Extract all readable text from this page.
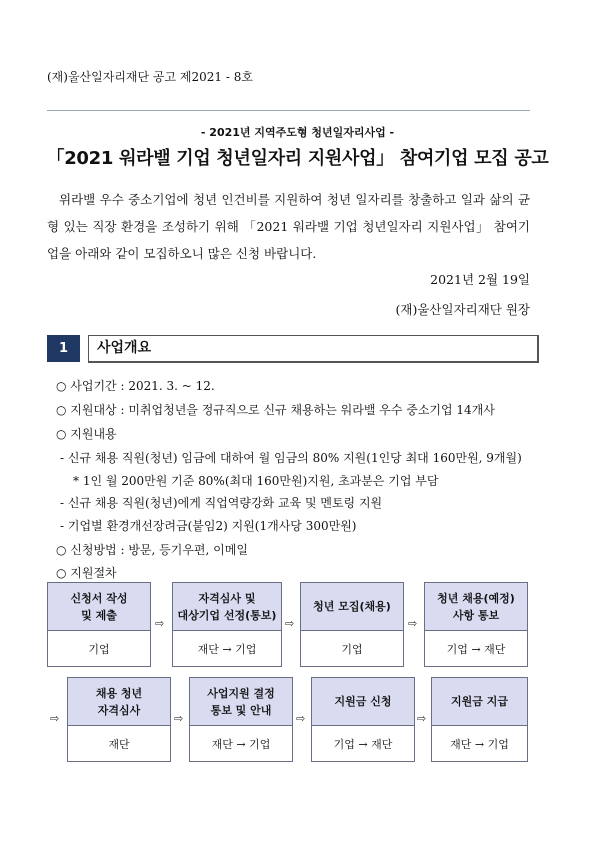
(재)울산일자리재단 공고 제2021 - 8호
- 2021년 지역주도형 청년일자리사업 -
「2021 워라밸 기업 청년일자리 지원사업」 참여기업 모집 공고
위라밸 우수 중소기업에 청년 인건비를 지원하여 청년 일자리를 창출하고 일과 삶의 균형 있는 직장 환경을 조성하기 위해 「2021 워라밸 기업 청년일자리 지원사업」 참여기업을 아래와 같이 모집하오니 많은 신청 바랍니다.
2021년 2월 19일
(재)울산일자리재단 원장
1	사업개요
○ 사업기간 : 2021. 3. ~ 12.
○ 지원대상 : 미취업청년을 정규직으로 신규 채용하는 워라밸 우수 중소기업 14개사
○ 지원내용
- 신규 채용 직원(청년) 임금에 대하여 월 임금의 80% 지원(1인당 최대 160만원, 9개월)
* 1인 월 200만원 기준 80%(최대 160만원)지원, 초과분은 기업 부담
- 신규 채용 직원(청년)에게 직업역량강화 교육 및 멘토링 지원
- 기업별 환경개선장려금(붙임2) 지원(1개사당 300만원)
○ 신청방법 : 방문, 등기우편, 이메일
○ 지원절차
신청서 작성
및 제출
기업
⇨
자격심사 및
대상기업 선정(통보)
재단 → 기업
⇨
청년 모집(채용)
기업
⇨
청년 채용(예정)
사항 통보
기업 → 재단
⇨
채용 청년
자격심사
재단
⇨
사업지원 결정
통보 및 안내
재단 → 기업
⇨
지원금 신청
기업 → 재단
⇨
지원금 지급
재단 → 기업
